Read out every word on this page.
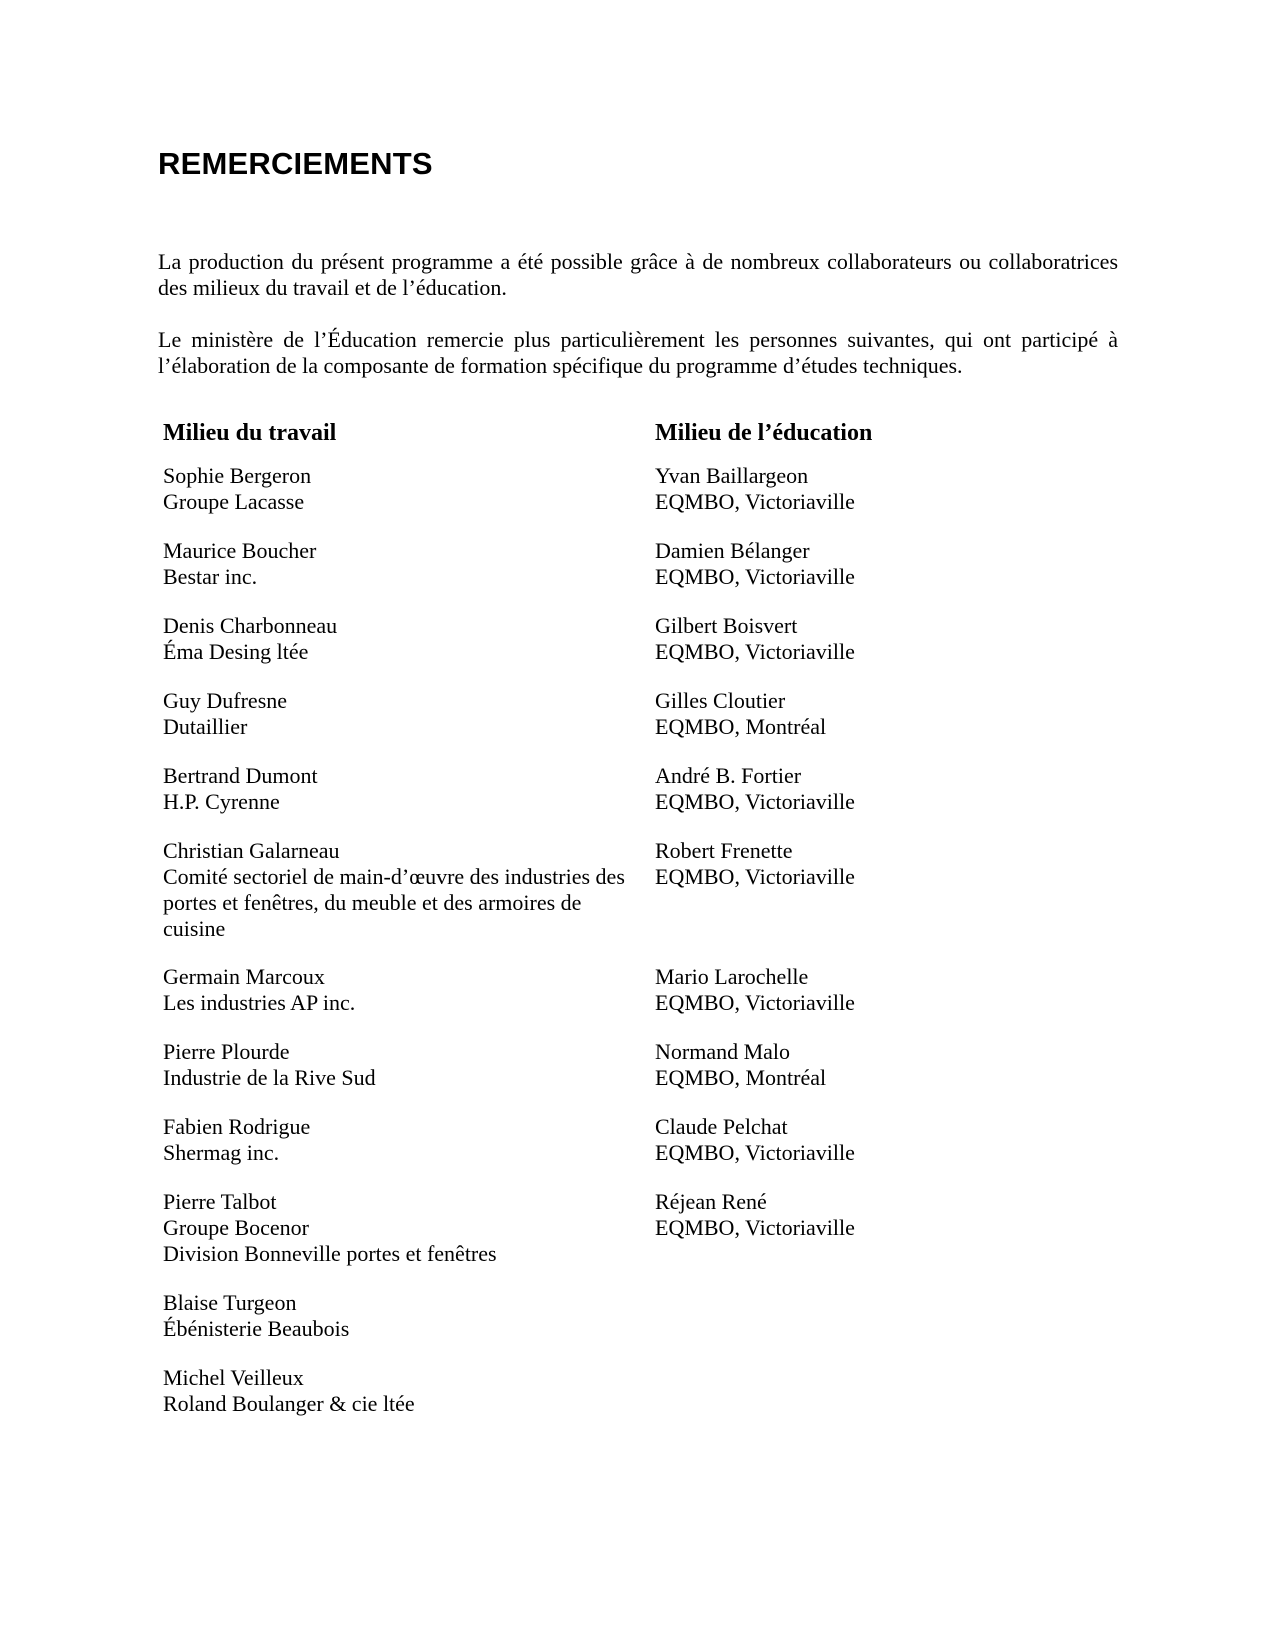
REMERCIEMENTS

La production du présent programme a été possible grâce à de nombreux collaborateurs ou collaboratrices des milieux du travail et de l’éducation.

Le ministère de l’Éducation remercie plus particulièrement les personnes suivantes, qui ont participé à l’élaboration de la composante de formation spécifique du programme d’études techniques.

Milieu du travail
Sophie Bergeron
Groupe Lacasse
Maurice Boucher
Bestar inc.
Denis Charbonneau
Éma Desing ltée
Guy Dufresne
Dutaillier
Bertrand Dumont
H.P. Cyrenne
Christian Galarneau
Comité sectoriel de main-d’œuvre des industries des portes et fenêtres, du meuble et des armoires de cuisine
Germain Marcoux
Les industries AP inc.
Pierre Plourde
Industrie de la Rive Sud
Fabien Rodrigue
Shermag inc.
Pierre Talbot
Groupe Bocenor
Division Bonneville portes et fenêtres
Blaise Turgeon
Ébénisterie Beaubois
Michel Veilleux
Roland Boulanger & cie ltée
Milieu de l’éducation
Yvan Baillargeon
EQMBO, Victoriaville
Damien Bélanger
EQMBO, Victoriaville
Gilbert Boisvert
EQMBO, Victoriaville
Gilles Cloutier
EQMBO, Montréal
André B. Fortier
EQMBO, Victoriaville
Robert Frenette
EQMBO, Victoriaville
Mario Larochelle
EQMBO, Victoriaville
Normand Malo
EQMBO, Montréal
Claude Pelchat
EQMBO, Victoriaville
Réjean René
EQMBO, Victoriaville
